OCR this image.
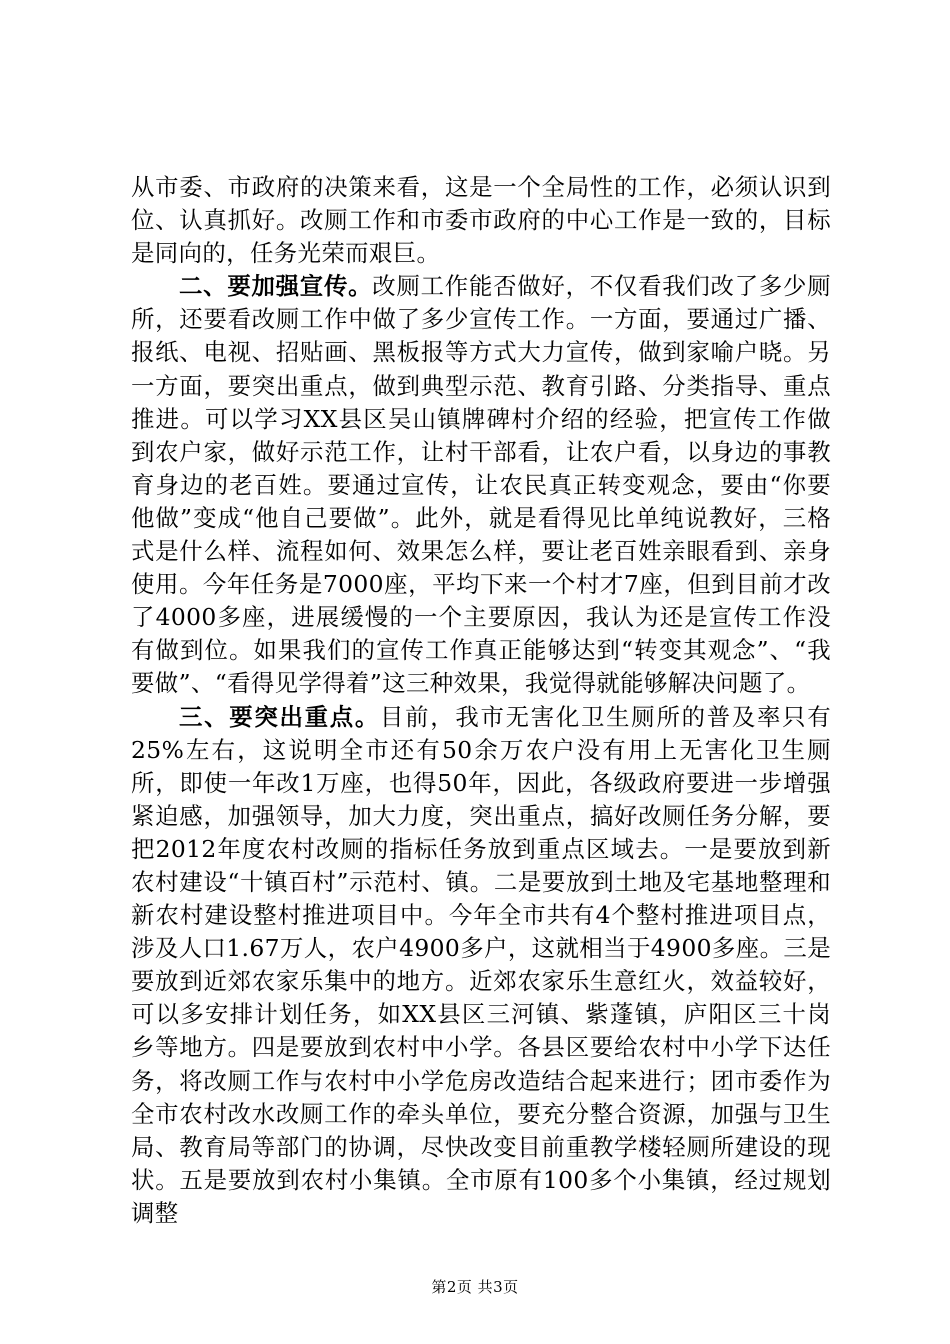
从市委、市政府的决策来看，这是一个全局性的工作，必须认识到位、认真抓好。改厕工作和市委市政府的中心工作是一致的，目标是同向的，任务光荣而艰巨。

二、要加强宣传。改厕工作能否做好，不仅看我们改了多少厕所，还要看改厕工作中做了多少宣传工作。一方面，要通过广播、报纸、电视、招贴画、黑板报等方式大力宣传，做到家喻户晓。另一方面，要突出重点，做到典型示范、教育引路、分类指导、重点推进。可以学习XX县区吴山镇牌碑村介绍的经验，把宣传工作做到农户家，做好示范工作，让村干部看，让农户看，以身边的事教育身边的老百姓。要通过宣传，让农民真正转变观念，要由“你要他做”变成“他自己要做”。此外，就是看得见比单纯说教好，三格式是什么样、流程如何、效果怎么样，要让老百姓亲眼看到、亲身使用。今年任务是7000座，平均下来一个村才7座，但到目前才改了4000多座，进展缓慢的一个主要原因，我认为还是宣传工作没有做到位。如果我们的宣传工作真正能够达到“转变其观念”、“我要做”、“看得见学得着”这三种效果，我觉得就能够解决问题了。

三、要突出重点。目前，我市无害化卫生厕所的普及率只有25%左右，这说明全市还有50余万农户没有用上无害化卫生厕所，即使一年改1万座，也得50年，因此，各级政府要进一步增强紧迫感，加强领导，加大力度，突出重点，搞好改厕任务分解，要把2012年度农村改厕的指标任务放到重点区域去。一是要放到新农村建设“十镇百村”示范村、镇。二是要放到土地及宅基地整理和新农村建设整村推进项目中。今年全市共有4个整村推进项目点，涉及人口1.67万人，农户4900多户，这就相当于4900多座。三是要放到近郊农家乐集中的地方。近郊农家乐生意红火，效益较好，可以多安排计划任务，如XX县区三河镇、紫蓬镇，庐阳区三十岗乡等地方。四是要放到农村中小学。各县区要给农村中小学下达任务，将改厕工作与农村中小学危房改造结合起来进行；团市委作为全市农村改水改厕工作的牵头单位，要充分整合资源，加强与卫生局、教育局等部门的协调，尽快改变目前重教学楼轻厕所建设的现状。五是要放到农村小集镇。全市原有100多个小集镇，经过规划调整

第2页 共3页
